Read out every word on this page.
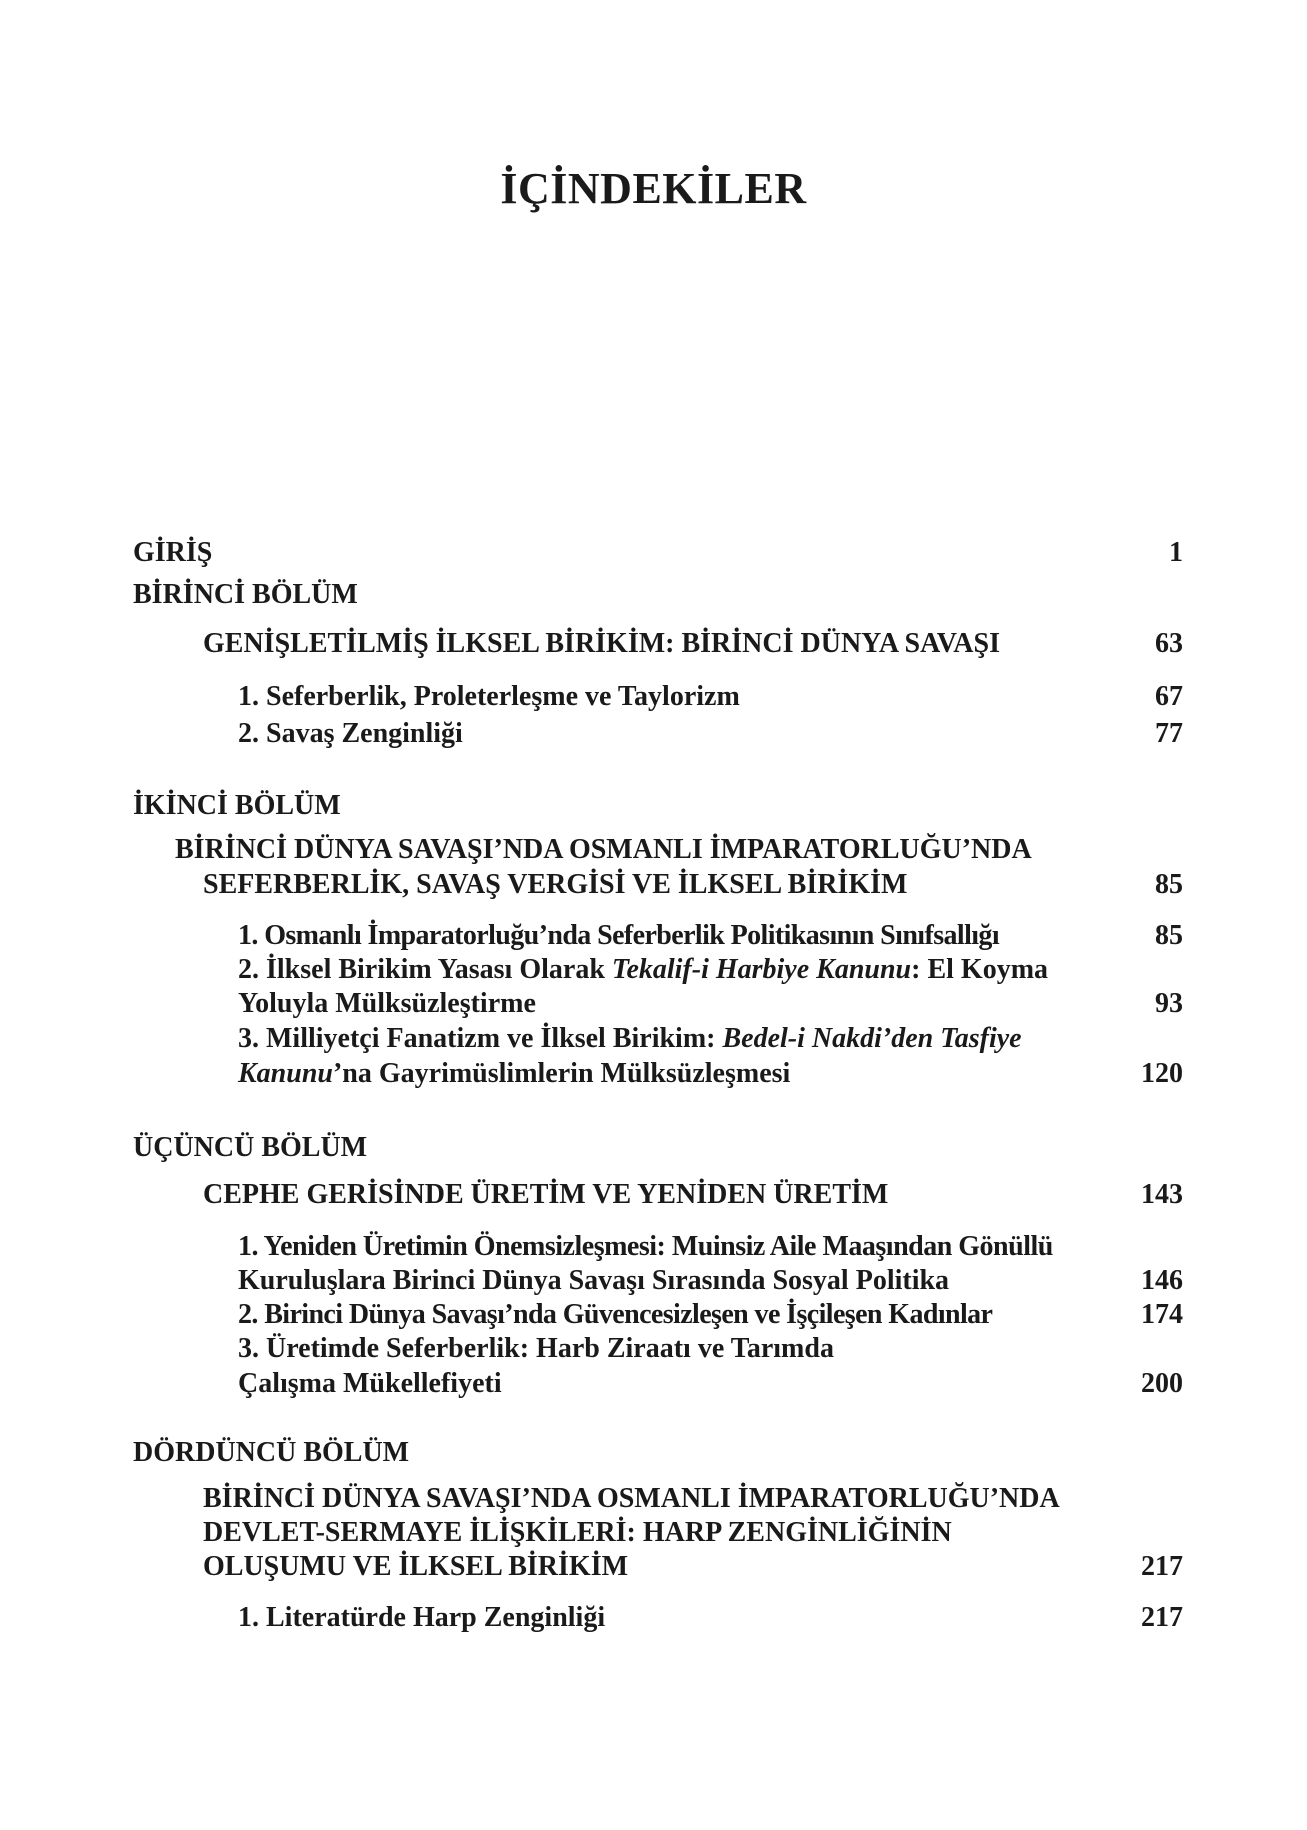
İÇİNDEKİLER
GİRİŞ	1
BİRİNCİ BÖLÜM
GENİŞLETİLMİŞ İLKSEL BİRİKİM: BİRİNCİ DÜNYA SAVAŞI	63
1. Seferberlik, Proleterleşme ve Taylorizm	67
2. Savaş Zenginliği	77
İKİNCİ BÖLÜM
BİRİNCİ DÜNYA SAVAŞI’NDA OSMANLI İMPARATORLUĞU’NDA
SEFERBERLİK, SAVAŞ VERGİSİ VE İLKSEL BİRİKİM	85
1. Osmanlı İmparatorluğu’nda Seferberlik Politikasının Sınıfsallığı	85
2. İlksel Birikim Yasası Olarak Tekalif-i Harbiye Kanunu: El Koyma
Yoluyla Mülksüzleştirme	93
3. Milliyetçi Fanatizm ve İlksel Birikim: Bedel-i Nakdi’den Tasfiye
Kanunu’na Gayrimüslimlerin Mülksüzleşmesi	120
ÜÇÜNCÜ BÖLÜM
CEPHE GERİSİNDE ÜRETİM VE YENİDEN ÜRETİM	143
1. Yeniden Üretimin Önemsizleşmesi: Muinsiz Aile Maaşından Gönüllü
Kuruluşlara Birinci Dünya Savaşı Sırasında Sosyal Politika	146
2. Birinci Dünya Savaşı’nda Güvencesizleşen ve İşçileşen Kadınlar	174
3. Üretimde Seferberlik: Harb Ziraatı ve Tarımda
Çalışma Mükellefiyeti	200
DÖRDÜNCÜ BÖLÜM
BİRİNCİ DÜNYA SAVAŞI’NDA OSMANLI İMPARATORLUĞU’NDA
DEVLET-SERMAYE İLİŞKİLERİ: HARP ZENGİNLİĞİNİN
OLUŞUMU VE İLKSEL BİRİKİM	217
1. Literatürde Harp Zenginliği	217
